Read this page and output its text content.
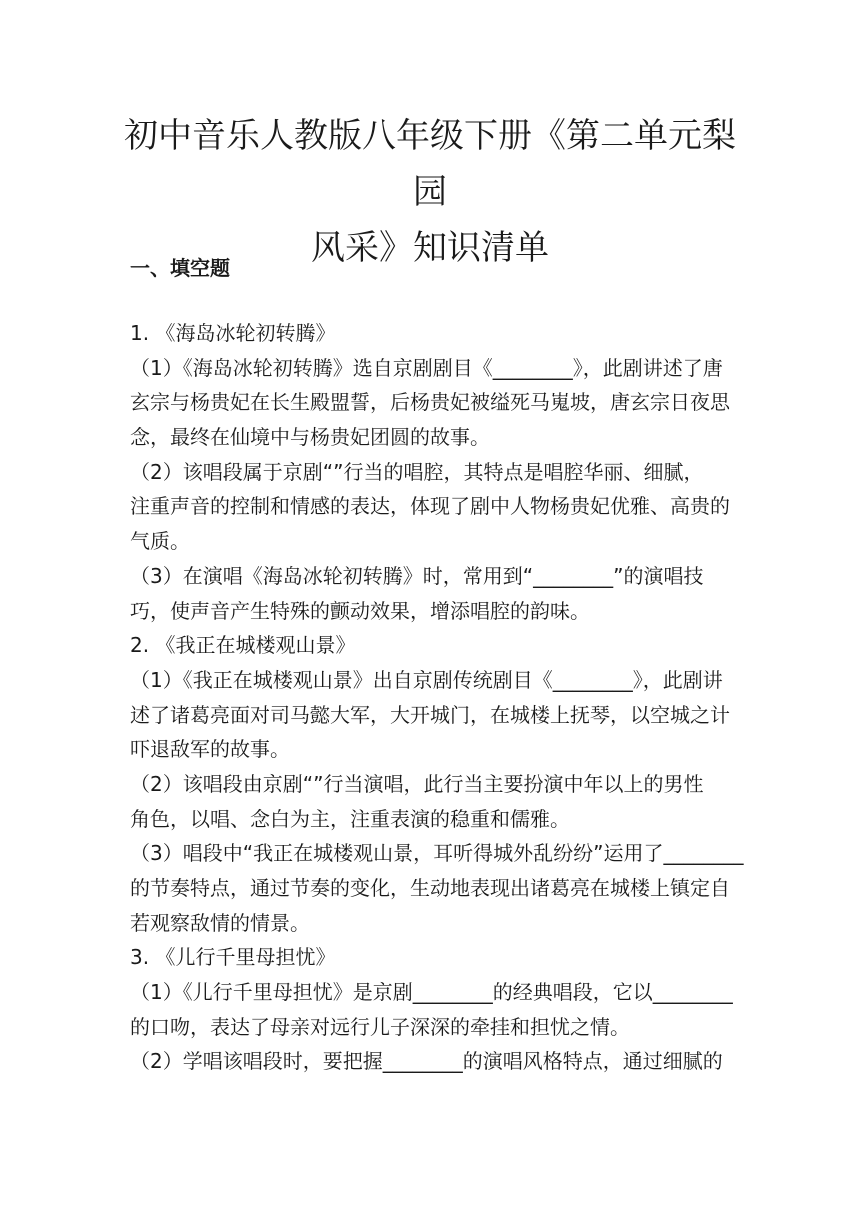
初中音乐人教版八年级下册《第二单元梨园
风采》知识清单
一、填空题
1. 《海岛冰轮初转腾》
（1）《海岛冰轮初转腾》选自京剧剧目《________》，此剧讲述了唐
玄宗与杨贵妃在长生殿盟誓，后杨贵妃被缢死马嵬坡，唐玄宗日夜思
念，最终在仙境中与杨贵妃团圆的故事。
（2）该唱段属于京剧“”行当的唱腔，其特点是唱腔华丽、细腻，
注重声音的控制和情感的表达，体现了剧中人物杨贵妃优雅、高贵的
气质。
（3）在演唱《海岛冰轮初转腾》时，常用到“________”的演唱技
巧，使声音产生特殊的颤动效果，增添唱腔的韵味。
2. 《我正在城楼观山景》
（1）《我正在城楼观山景》出自京剧传统剧目《________》，此剧讲
述了诸葛亮面对司马懿大军，大开城门，在城楼上抚琴，以空城之计
吓退敌军的故事。
（2）该唱段由京剧“”行当演唱，此行当主要扮演中年以上的男性
角色，以唱、念白为主，注重表演的稳重和儒雅。
（3）唱段中“我正在城楼观山景，耳听得城外乱纷纷”运用了________
的节奏特点，通过节奏的变化，生动地表现出诸葛亮在城楼上镇定自
若观察敌情的情景。
3. 《儿行千里母担忧》
（1）《儿行千里母担忧》是京剧________的经典唱段，它以________
的口吻，表达了母亲对远行儿子深深的牵挂和担忧之情。
（2）学唱该唱段时，要把握________的演唱风格特点，通过细腻的
